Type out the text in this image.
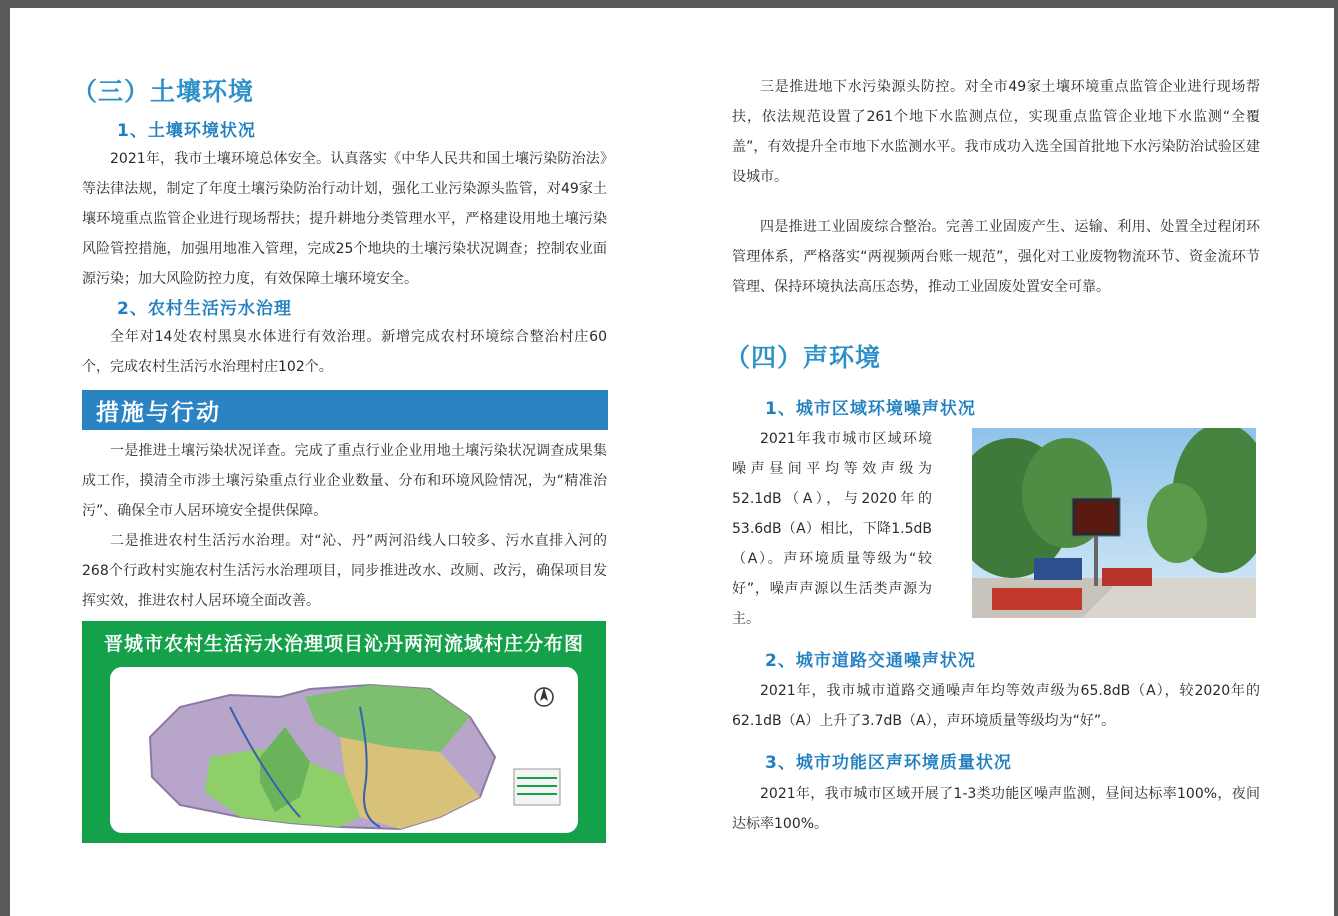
（三）土壤环境
1、土壤环境状况

2021年，我市土壤环境总体安全。认真落实《中华人民共和国土壤污染防治法》等法律法规，制定了年度土壤污染防治行动计划，强化工业污染源头监管，对49家土壤环境重点监管企业进行现场帮扶；提升耕地分类管理水平，严格建设用地土壤污染风险管控措施，加强用地准入管理，完成25个地块的土壤污染状况调查；控制农业面源污染；加大风险防控力度，有效保障土壤环境安全。

2、农村生活污水治理

全年对14处农村黑臭水体进行有效治理。新增完成农村环境综合整治村庄60个，完成农村生活污水治理村庄102个。

措施与行动

一是推进土壤污染状况详查。完成了重点行业企业用地土壤污染状况调查成果集成工作，摸清全市涉土壤污染重点行业企业数量、分布和环境风险情况，为“精准治污”、确保全市人居环境安全提供保障。

二是推进农村生活污水治理。对“沁、丹”两河沿线人口较多、污水直排入河的268个行政村实施农村生活污水治理项目，同步推进改水、改厕、改污，确保项目发挥实效，推进农村人居环境全面改善。

晋城市农村生活污水治理项目沁丹两河流域村庄分布图

三是推进地下水污染源头防控。对全市49家土壤环境重点监管企业进行现场帮扶，依法规范设置了261个地下水监测点位，实现重点监管企业地下水监测“全覆盖”，有效提升全市地下水监测水平。我市成功入选全国首批地下水污染防治试验区建设城市。

四是推进工业固废综合整治。完善工业固废产生、运输、利用、处置全过程闭环管理体系，严格落实“两视频两台账一规范”，强化对工业废物物流环节、资金流环节管理、保持环境执法高压态势，推动工业固废处置安全可靠。

（四）声环境
1、城市区域环境噪声状况

2021年我市城市区域环境噪声昼间平均等效声级为52.1dB（A），与2020年的53.6dB（A）相比，下降1.5dB（A）。声环境质量等级为“较好”，噪声声源以生活类声源为主。

2、城市道路交通噪声状况

2021年，我市城市道路交通噪声年均等效声级为65.8dB（A），较2020年的62.1dB（A）上升了3.7dB（A），声环境质量等级均为“好”。

3、城市功能区声环境质量状况

2021年，我市城市区域开展了1-3类功能区噪声监测，昼间达标率100%，夜间达标率100%。
